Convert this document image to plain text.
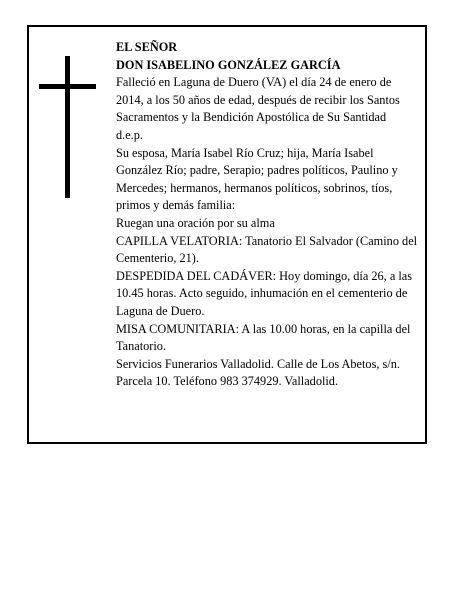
EL SEÑOR

DON ISABELINO GONZÁLEZ GARCÍA

Falleció en Laguna de Duero (VA) el día 24 de enero de 2014, a los 50 años de edad, después de recibir los Santos Sacramentos y la Bendición Apostólica de Su Santidad

d.e.p.

Su esposa, María Isabel Río Cruz; hija, María Isabel González Río; padre, Serapio; padres políticos, Paulino y Mercedes; hermanos, hermanos políticos, sobrinos, tíos, primos y demás familia:

Ruegan una oración por su alma

CAPILLA VELATORIA: Tanatorio El Salvador (Camino del Cementerio, 21).

DESPEDIDA DEL CADÁVER: Hoy domingo, día 26, a las 10.45 horas. Acto seguido, inhumación en el cementerio de Laguna de Duero.

MISA COMUNITARIA: A las 10.00 horas, en la capilla del Tanatorio.

Servicios Funerarios Valladolid. Calle de Los Abetos, s/n. Parcela 10. Teléfono 983 374929. Valladolid.
